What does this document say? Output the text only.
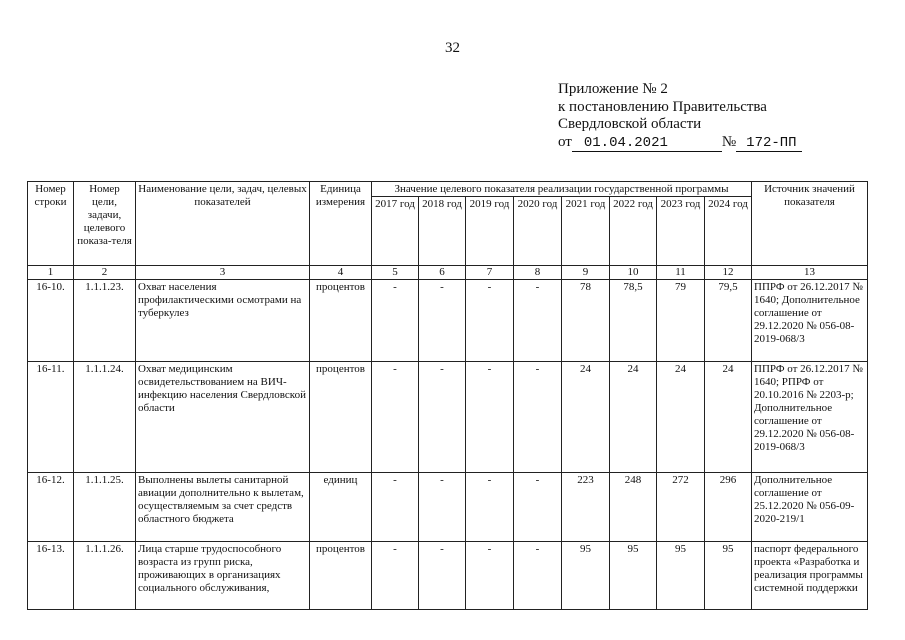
32
Приложение № 2
к постановлению Правительства
Свердловской области
от 01.04.2021	№ 172-ПП
Номер строки	Номер цели, задачи, целевого показа-теля	Наименование цели, задач, целевых показателей	Единица измерения	Значение целевого показателя реализации государственной программы								Источник значений показателя
				2017 год	2018 год	2019 год	2020 год	2021 год	2022 год	2023 год	2024 год	
1	2	3	4	5	6	7	8	9	10	11	12	13
16-10.	1.1.1.23.	Охват населения профилактическими осмотрами на туберкулез	процентов	-	-	-	-	78	78,5	79	79,5	ППРФ от 26.12.2017 № 1640; Дополнительное соглашение от 29.12.2020 № 056-08-2019-068/3
16-11.	1.1.1.24.	Охват медицинским освидетельствованием на ВИЧ-инфекцию населения Свердловской области	процентов	-	-	-	-	24	24	24	24	ППРФ от 26.12.2017 № 1640; РПРФ от 20.10.2016 № 2203-р; Дополнительное соглашение от 29.12.2020 № 056-08-2019-068/3
16-12.	1.1.1.25.	Выполнены вылеты санитарной авиации дополнительно к вылетам, осуществляемым за счет средств областного бюджета	единиц	-	-	-	-	223	248	272	296	Дополнительное соглашение от 25.12.2020 № 056-09-2020-219/1
16-13.	1.1.1.26.	Лица старше трудоспособного возраста из групп риска, проживающих в организациях социального обслуживания,	процентов	-	-	-	-	95	95	95	95	паспорт федерального проекта «Разработка и реализация программы системной поддержки
